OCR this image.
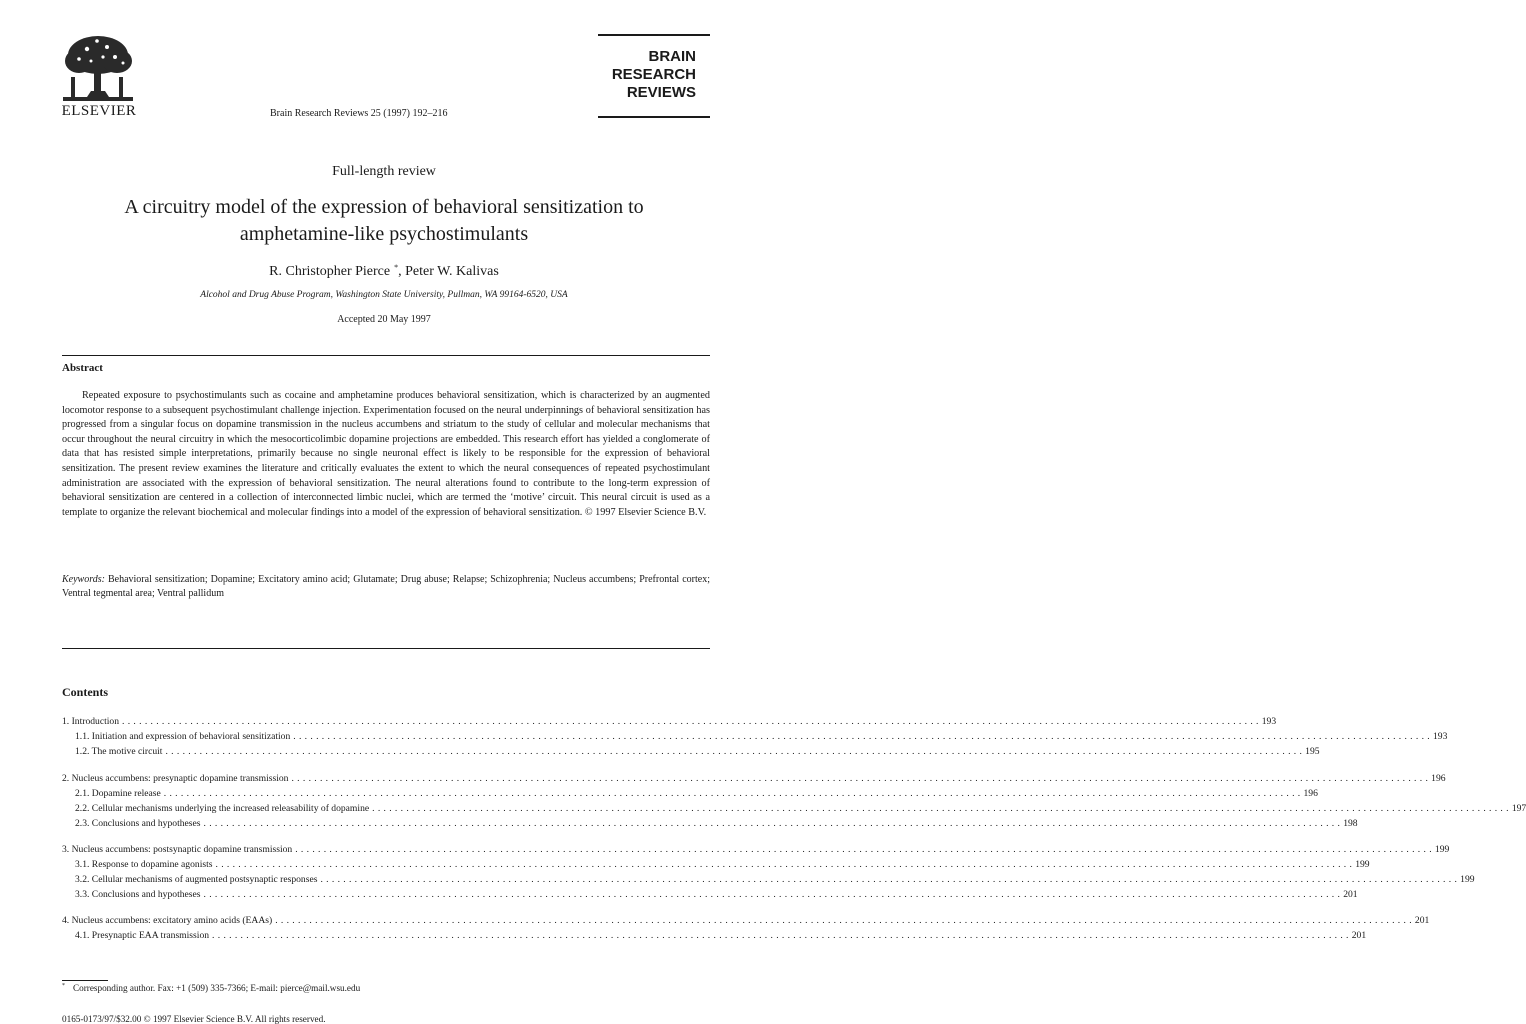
ELSEVIER	Brain Research Reviews 25 (1997) 192–216
BRAIN
RESEARCH
REVIEWS
Full-length review
A circuitry model of the expression of behavioral sensitization to
amphetamine-like psychostimulants
R. Christopher Pierce *, Peter W. Kalivas
Alcohol and Drug Abuse Program, Washington State University, Pullman, WA 99164-6520, USA
Accepted 20 May 1997
Abstract
Repeated exposure to psychostimulants such as cocaine and amphetamine produces behavioral sensitization, which is characterized by an augmented locomotor response to a subsequent psychostimulant challenge injection. Experimentation focused on the neural underpinnings of behavioral sensitization has progressed from a singular focus on dopamine transmission in the nucleus accumbens and striatum to the study of cellular and molecular mechanisms that occur throughout the neural circuitry in which the mesocorticolimbic dopamine projections are embedded. This research effort has yielded a conglomerate of data that has resisted simple interpretations, primarily because no single neuronal effect is likely to be responsible for the expression of behavioral sensitization. The present review examines the literature and critically evaluates the extent to which the neural consequences of repeated psychostimulant administration are associated with the expression of behavioral sensitization. The neural alterations found to contribute to the long-term expression of behavioral sensitization are centered in a collection of interconnected limbic nuclei, which are termed the ‘motive’ circuit. This neural circuit is used as a template to organize the relevant biochemical and molecular findings into a model of the expression of behavioral sensitization. © 1997 Elsevier Science B.V.
Keywords: Behavioral sensitization; Dopamine; Excitatory amino acid; Glutamate; Drug abuse; Relapse; Schizophrenia; Nucleus accumbens; Prefrontal cortex; Ventral tegmental area; Ventral pallidum
Contents
1. Introduction ........................................................................................................................................................................................................ 193
1.1. Initiation and expression of behavioral sensitization ........................................................................................................................................................................................................ 193
1.2. The motive circuit ........................................................................................................................................................................................................ 195
2. Nucleus accumbens: presynaptic dopamine transmission ........................................................................................................................................................................................................ 196
2.1. Dopamine release ........................................................................................................................................................................................................ 196
2.2. Cellular mechanisms underlying the increased releasability of dopamine ........................................................................................................................................................................................................ 197
2.3. Conclusions and hypotheses ........................................................................................................................................................................................................ 198
3. Nucleus accumbens: postsynaptic dopamine transmission ........................................................................................................................................................................................................ 199
3.1. Response to dopamine agonists ........................................................................................................................................................................................................ 199
3.2. Cellular mechanisms of augmented postsynaptic responses ........................................................................................................................................................................................................ 199
3.3. Conclusions and hypotheses ........................................................................................................................................................................................................ 201
4. Nucleus accumbens: excitatory amino acids (EAAs) ........................................................................................................................................................................................................ 201
4.1. Presynaptic EAA transmission ........................................................................................................................................................................................................ 201
* Corresponding author. Fax: +1 (509) 335-7366; E-mail: pierce@mail.wsu.edu
0165-0173/97/$32.00 © 1997 Elsevier Science B.V. All rights reserved.
